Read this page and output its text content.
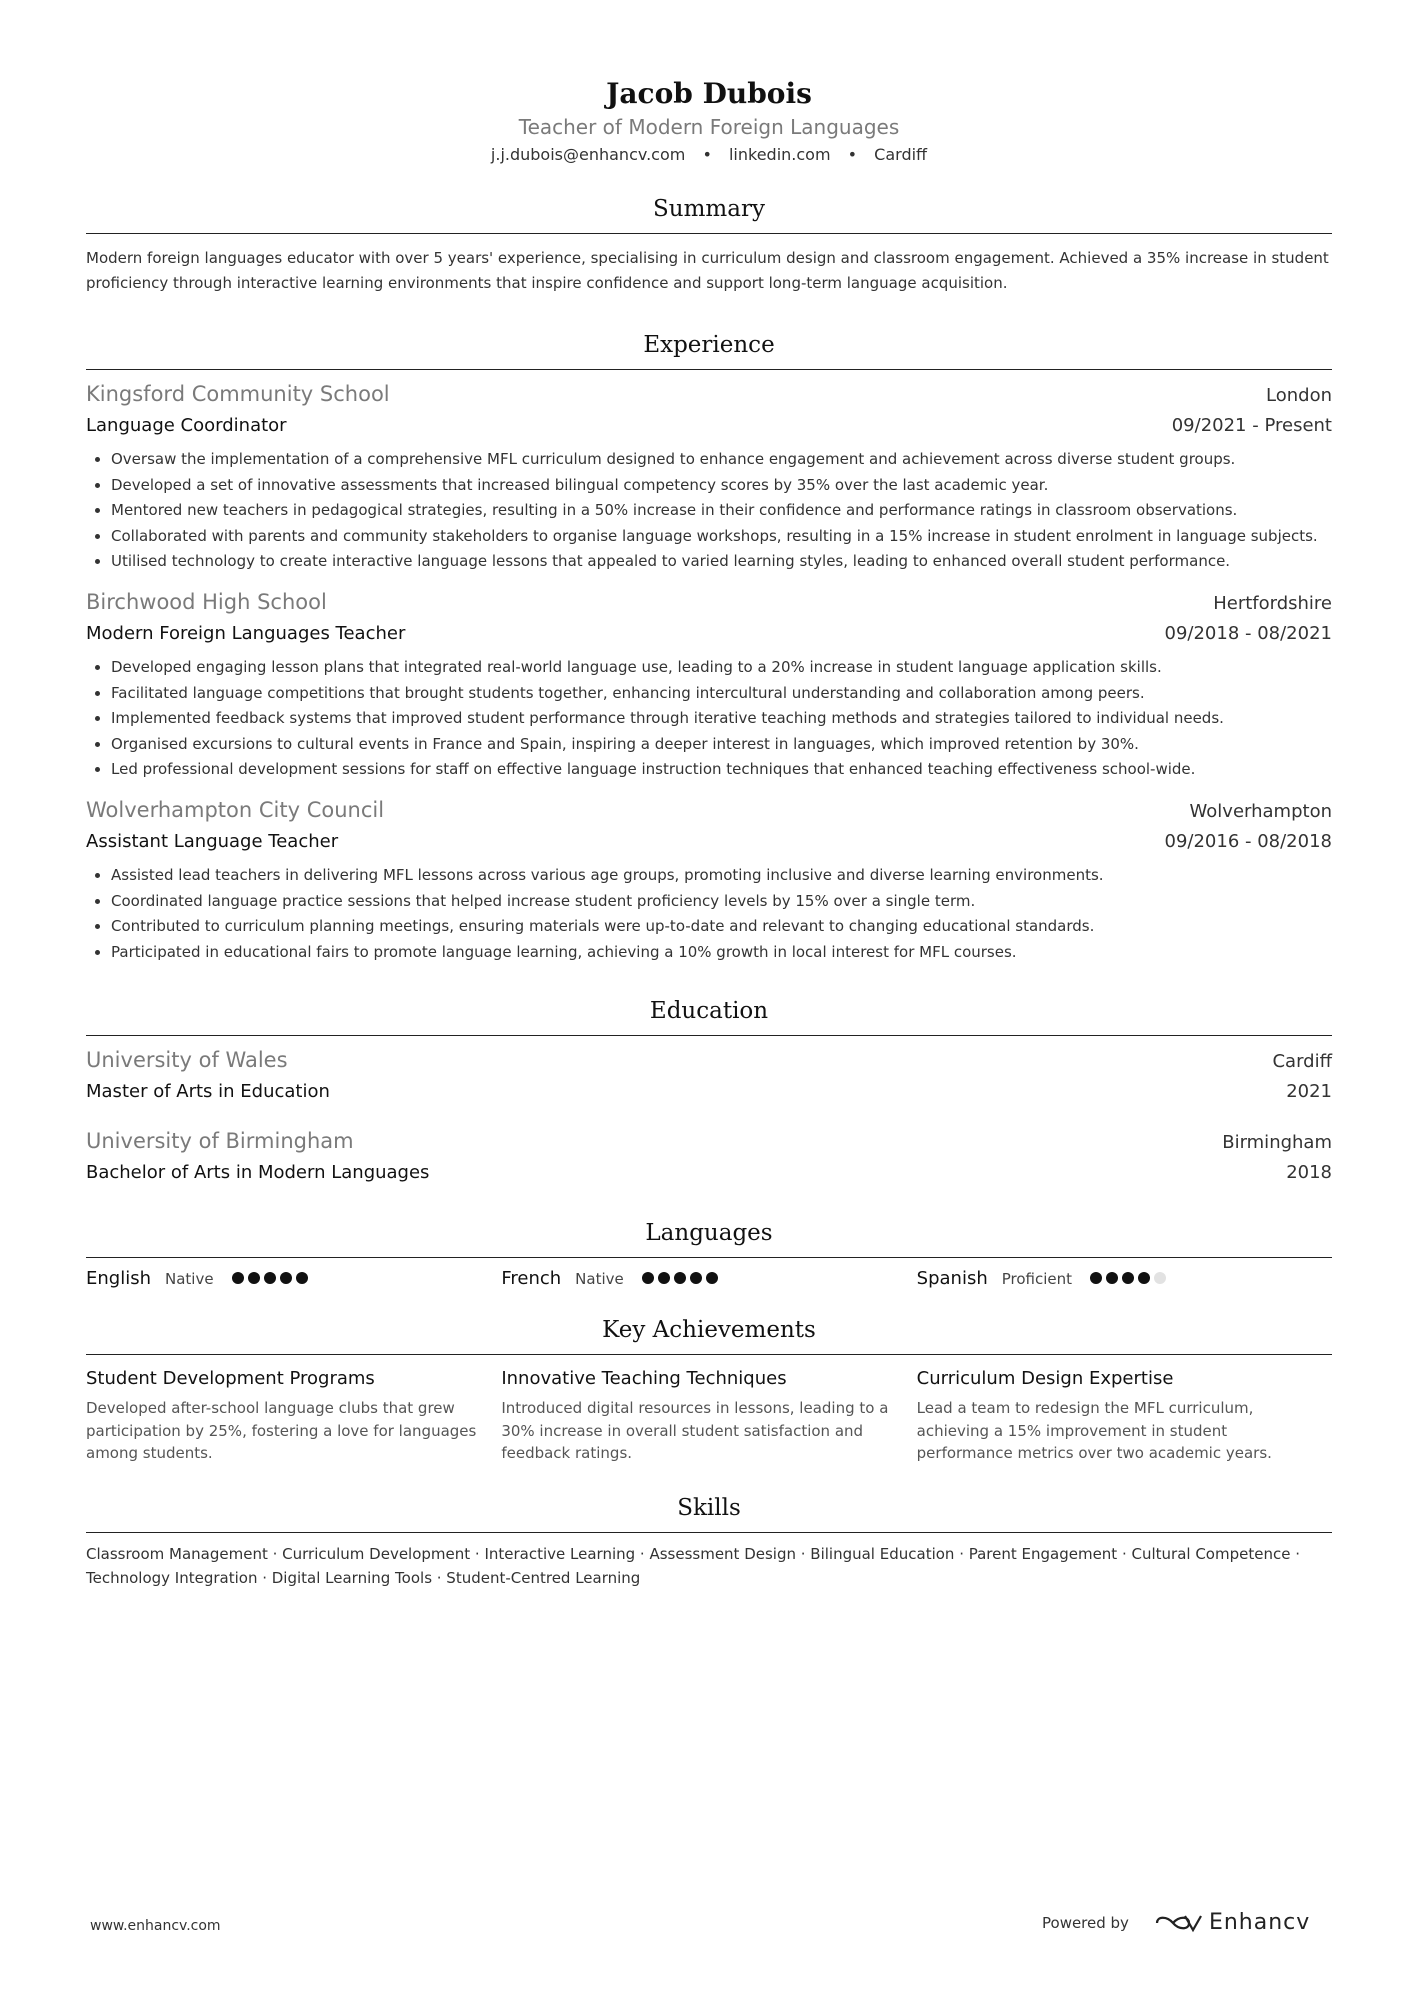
Jacob Dubois
Teacher of Modern Foreign Languages
j.j.dubois@enhancv.com • linkedin.com • Cardiff
Summary
Modern foreign languages educator with over 5 years' experience, specialising in curriculum design and classroom engagement. Achieved a 35% increase in student proficiency through interactive learning environments that inspire confidence and support long-term language acquisition.
Experience
Kingsford Community School	London
Language Coordinator	09/2021 - Present
• Oversaw the implementation of a comprehensive MFL curriculum designed to enhance engagement and achievement across diverse student groups.
• Developed a set of innovative assessments that increased bilingual competency scores by 35% over the last academic year.
• Mentored new teachers in pedagogical strategies, resulting in a 50% increase in their confidence and performance ratings in classroom observations.
• Collaborated with parents and community stakeholders to organise language workshops, resulting in a 15% increase in student enrolment in language subjects.
• Utilised technology to create interactive language lessons that appealed to varied learning styles, leading to enhanced overall student performance.
Birchwood High School	Hertfordshire
Modern Foreign Languages Teacher	09/2018 - 08/2021
• Developed engaging lesson plans that integrated real-world language use, leading to a 20% increase in student language application skills.
• Facilitated language competitions that brought students together, enhancing intercultural understanding and collaboration among peers.
• Implemented feedback systems that improved student performance through iterative teaching methods and strategies tailored to individual needs.
• Organised excursions to cultural events in France and Spain, inspiring a deeper interest in languages, which improved retention by 30%.
• Led professional development sessions for staff on effective language instruction techniques that enhanced teaching effectiveness school-wide.
Wolverhampton City Council	Wolverhampton
Assistant Language Teacher	09/2016 - 08/2018
• Assisted lead teachers in delivering MFL lessons across various age groups, promoting inclusive and diverse learning environments.
• Coordinated language practice sessions that helped increase student proficiency levels by 15% over a single term.
• Contributed to curriculum planning meetings, ensuring materials were up-to-date and relevant to changing educational standards.
• Participated in educational fairs to promote language learning, achieving a 10% growth in local interest for MFL courses.
Education
University of Wales	Cardiff
Master of Arts in Education	2021
University of Birmingham	Birmingham
Bachelor of Arts in Modern Languages	2018
Languages
English Native	French Native	Spanish Proficient
Key Achievements
Student Development Programs
Developed after-school language clubs that grew participation by 25%, fostering a love for languages among students.
Innovative Teaching Techniques
Introduced digital resources in lessons, leading to a 30% increase in overall student satisfaction and feedback ratings.
Curriculum Design Expertise
Lead a team to redesign the MFL curriculum, achieving a 15% improvement in student performance metrics over two academic years.
Skills
Classroom Management · Curriculum Development · Interactive Learning · Assessment Design · Bilingual Education · Parent Engagement · Cultural Competence · Technology Integration · Digital Learning Tools · Student-Centred Learning
www.enhancv.com	Powered by	Enhancv
